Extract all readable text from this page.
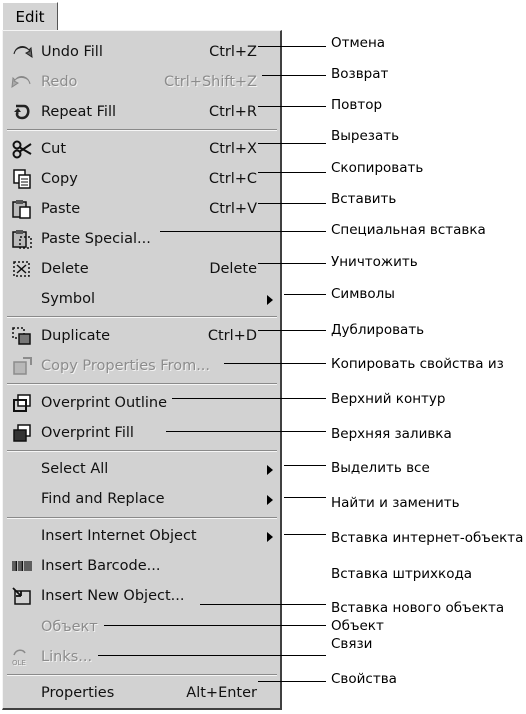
Edit
Undo Fill	Ctrl+Z
Redo	Ctrl+Shift+Z
Repeat Fill	Ctrl+R
Cut	Ctrl+X
Copy	Ctrl+C
Paste	Ctrl+V
Paste Special...
Delete	Delete
Symbol
Duplicate	Ctrl+D
Copy Properties From...
Overprint Outline
Overprint Fill
Select All
Find and Replace
Insert Internet Object
Insert Barcode...
Insert New Object...
Объект
OLE Links...
Properties	Alt+Enter
Отмена
Возврат
Повтор
Вырезать
Скопировать
Вставить
Специальная вставка
Уничтожить
Символы
Дублировать
Копировать свойства из
Верхний контур
Верхняя заливка
Выделить все
Найти и заменить
Вставка интернет-объекта
Вставка штрихкода
Вставка нового объекта
Объект
Связи
Свойства
